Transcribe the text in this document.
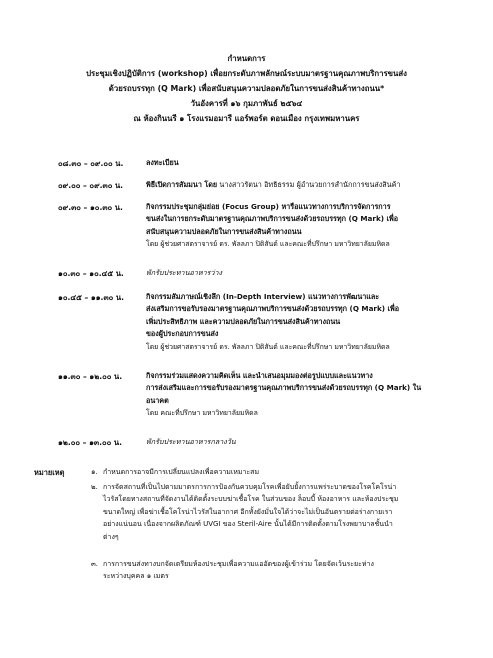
กำหนดการ
ประชุมเชิงปฏิบัติการ (workshop) เพื่อยกระดับภาพลักษณ์ระบบมาตรฐานคุณภาพบริการขนส่ง
ด้วยรถบรรทุก (Q Mark) เพื่อสนับสนุนความปลอดภัยในการขนส่งสินค้าทางถนน*
วันอังคารที่ ๑๖ กุมภาพันธ์ ๒๕๖๔
ณ ห้องกินนรี ๑ โรงแรมอมารี แอร์พอร์ต ดอนเมือง กรุงเทพมหานคร
๐๘.๓๐ – ๐๙.๐๐ น.	ลงทะเบียน
๐๙.๐๐ – ๐๙.๓๐ น.	พิธีเปิดการสัมมนา โดย นางสาวรัตนา อิทธิธรรม ผู้อำนวยการสำนักการขนส่งสินค้า
๐๙.๓๐ – ๑๐.๓๐ น.	กิจกรรมประชุมกลุ่มย่อย (Focus Group) หารือแนวทางการบริการจัดการการ
ขนส่งในการยกระดับมาตรฐานคุณภาพบริการขนส่งด้วยรถบรรทุก (Q Mark) เพื่อ
สนับสนุนความปลอดภัยในการขนส่งสินค้าทางถนน
โดย ผู้ช่วยศาสตราจารย์ ดร. พัลลภา ปิติสันต์ และคณะที่ปรึกษา มหาวิทยาลัยมหิดล
๑๐.๓๐ – ๑๐.๔๕ น.	พักรับประทานอาหารว่าง
๑๐.๔๕ – ๑๑.๓๐ น.	กิจกรรมสัมภาษณ์เชิงลึก (In-Depth Interview) แนวทางการพัฒนาและ
ส่งเสริมการขอรับรองมาตรฐานคุณภาพบริการขนส่งด้วยรถบรรทุก (Q Mark) เพื่อ
เพิ่มประสิทธิภาพ และความปลอดภัยในการขนส่งสินค้าทางถนน
ของผู้ประกอบการขนส่ง
โดย ผู้ช่วยศาสตราจารย์ ดร. พัลลภา ปิติสันต์ และคณะที่ปรึกษา มหาวิทยาลัยมหิดล
๑๑.๓๐ – ๑๒.๐๐ น.	กิจกรรมร่วมแสดงความคิดเห็น และนำเสนอมุมมองต่อรูปแบบและแนวทาง
การส่งเสริมและการขอรับรองมาตรฐานคุณภาพบริการขนส่งด้วยรถบรรทุก (Q Mark) ใน
อนาคต
โดย คณะที่ปรึกษา มหาวิทยาลัยมหิดล
๑๒.๐๐ – ๑๓.๐๐ น.	พักรับประทานอาหารกลางวัน
หมายเหตุ	๑. กำหนดการอาจมีการเปลี่ยนแปลงเพื่อความเหมาะสม
๒. การจัดสถานที่เป็นไปตามมาตรการการป้องกันควบคุมโรคเพื่อยับยั้งการแพร่ระบาดของโรคโคโรน่า
ไวรัสโดยทางสถานที่จัดงานได้ติดตั้งระบบฆ่าเชื้อโรค ในส่วนของ ล็อบบี้ ห้องอาหาร และห้องประชุม
ขนาดใหญ่ เพื่อฆ่าเชื้อโคโรน่าไวรัสในอากาศ อีกทั้งยังมั่นใจได้ว่าจะไม่เป็นอันตรายต่อร่างกายเรา
อย่างแน่นอน เนื่องจากผลิตภัณฑ์ UVGI ของ Steril-Aire นั้นได้มีการติดตั้งตามโรงพยาบาลชั้นนำ
ต่างๆ
๓. การการขนส่งทางบกจัดเตรียมห้องประชุมเพื่อความแออัดของผู้เข้าร่วม โดยจัดเว้นระยะห่าง
ระหว่างบุคคล ๑ เมตร
